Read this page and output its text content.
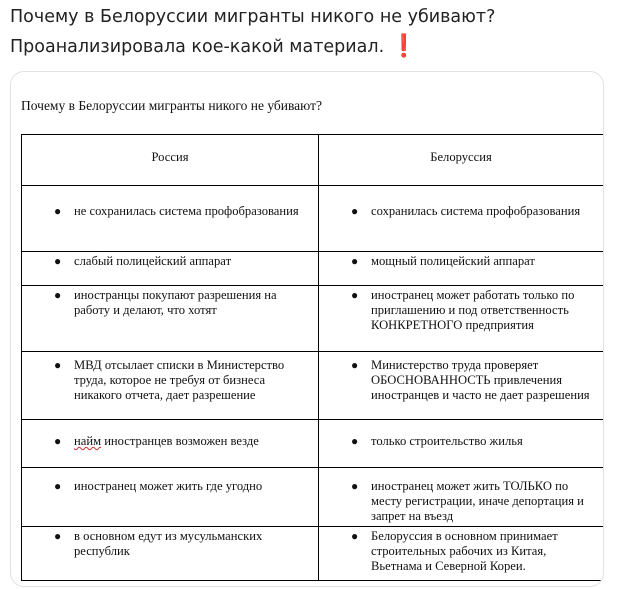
Почему в Белоруссии мигранты никого не убивают?
Проанализировала кое-какой материал. ❗
Почему в Белоруссии мигранты никого не убивают?
Россия	Белоруссия

● не сохранилась система профобразования	● сохранилась система профобразования

● слабый полицейский аппарат	● мощный полицейский аппарат

● иностранцы покупают разрешения на работу и делают, что хотят	● иностранец может работать только по приглашению и под ответственность КОНКРЕТНОГО предприятия

● МВД отсылает списки в Министерство труда, которое не требуя от бизнеса никакого отчета, дает разрешение	● Министерство труда проверяет ОБОСНОВАННОСТЬ привлечения иностранцев и часто не дает разрешения

● найм иностранцев возможен везде	● только строительство жилья

● иностранец может жить где угодно	● иностранец может жить ТОЛЬКО по месту регистрации, иначе депортация и запрет на въезд

● в основном едут из мусульманских республик	● Белоруссия в основном принимает строительных рабочих из Китая, Вьетнама и Северной Кореи.
